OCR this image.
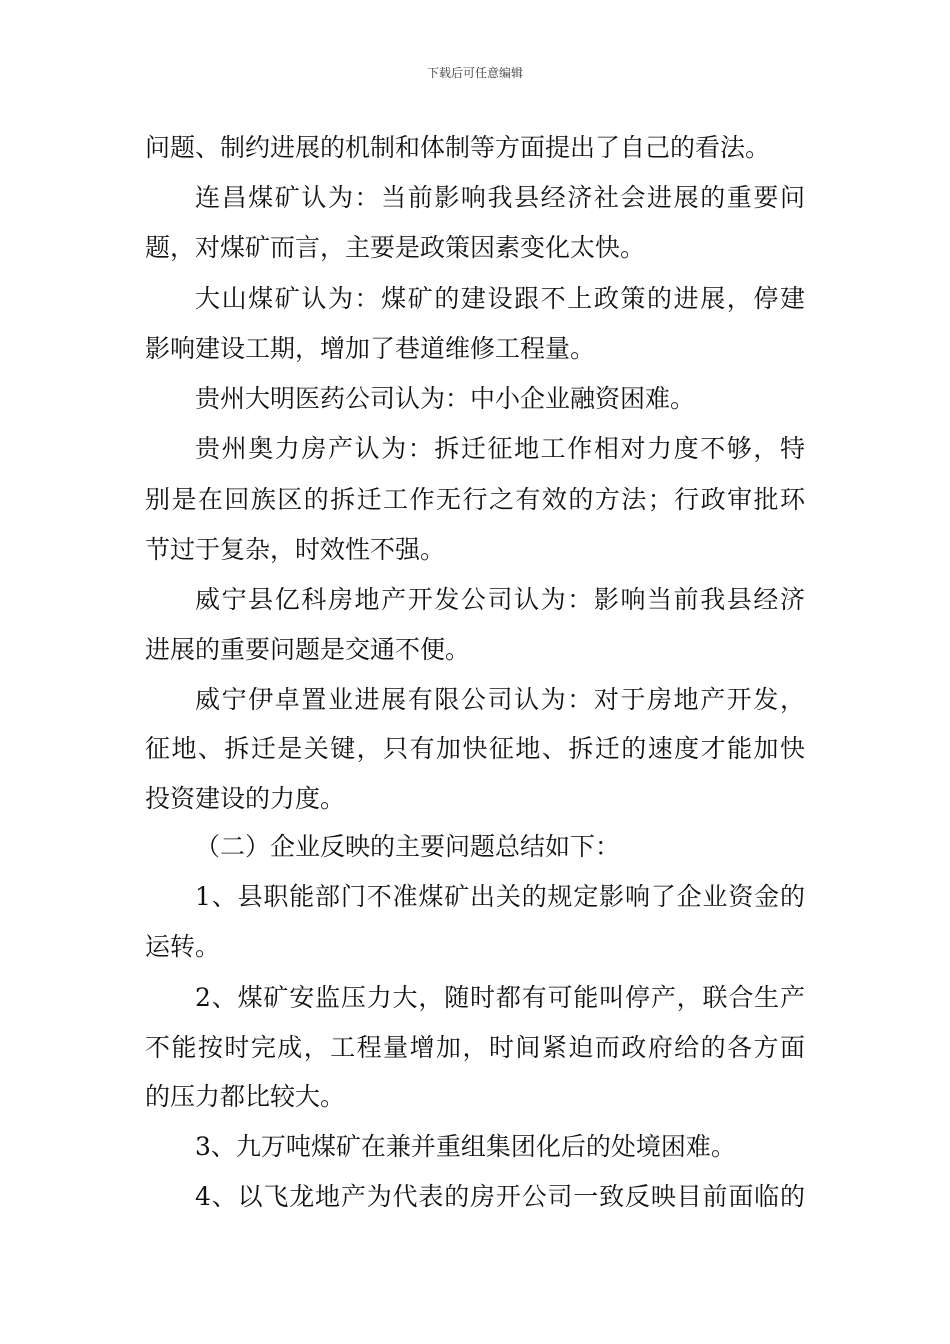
下载后可任意编辑
问题、制约进展的机制和体制等方面提出了自己的看法。
连昌煤矿认为：当前影响我县经济社会进展的重要问
题，对煤矿而言，主要是政策因素变化太快。
大山煤矿认为：煤矿的建设跟不上政策的进展，停建
影响建设工期，增加了巷道维修工程量。
贵州大明医药公司认为：中小企业融资困难。
贵州奥力房产认为：拆迁征地工作相对力度不够，特
别是在回族区的拆迁工作无行之有效的方法；行政审批环
节过于复杂，时效性不强。
威宁县亿科房地产开发公司认为：影响当前我县经济
进展的重要问题是交通不便。
威宁伊卓置业进展有限公司认为：对于房地产开发，
征地、拆迁是关键，只有加快征地、拆迁的速度才能加快
投资建设的力度。
（二）企业反映的主要问题总结如下：
1、县职能部门不准煤矿出关的规定影响了企业资金的
运转。
2、煤矿安监压力大，随时都有可能叫停产，联合生产
不能按时完成，工程量增加，时间紧迫而政府给的各方面
的压力都比较大。
3、九万吨煤矿在兼并重组集团化后的处境困难。
4、以飞龙地产为代表的房开公司一致反映目前面临的
